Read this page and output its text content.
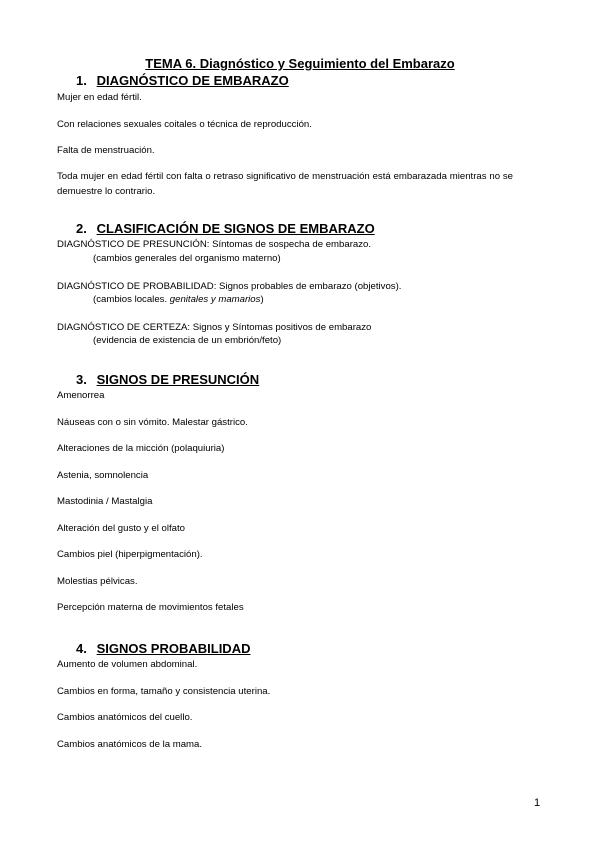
TEMA 6. Diagnóstico y Seguimiento del Embarazo
1. DIAGNÓSTICO DE EMBARAZO
Mujer en edad fértil.
Con relaciones sexuales coitales o técnica de reproducción.
Falta de menstruación.
Toda mujer en edad fértil con falta o retraso significativo de menstruación está embarazada mientras no se demuestre lo contrario.
2. CLASIFICACIÓN DE SIGNOS DE EMBARAZO
DIAGNÓSTICO DE PRESUNCIÓN: Síntomas de sospecha de embarazo.
(cambios generales del organismo materno)
DIAGNÓSTICO DE PROBABILIDAD: Signos probables de embarazo (objetivos).
(cambios locales. genitales y mamarios)
DIAGNÓSTICO DE CERTEZA: Signos y Síntomas positivos de embarazo
(evidencia de existencia de un embrión/feto)
3. SIGNOS DE PRESUNCIÓN
Amenorrea
Náuseas con o sin vómito. Malestar gástrico.
Alteraciones de la micción (polaquiuria)
Astenia, somnolencia
Mastodinia / Mastalgia
Alteración del gusto y el olfato
Cambios piel (hiperpigmentación).
Molestias pélvicas.
Percepción materna de movimientos fetales
4. SIGNOS PROBABILIDAD
Aumento de volumen abdominal.
Cambios en forma, tamaño y consistencia uterina.
Cambios anatómicos del cuello.
Cambios anatómicos de la mama.
1
